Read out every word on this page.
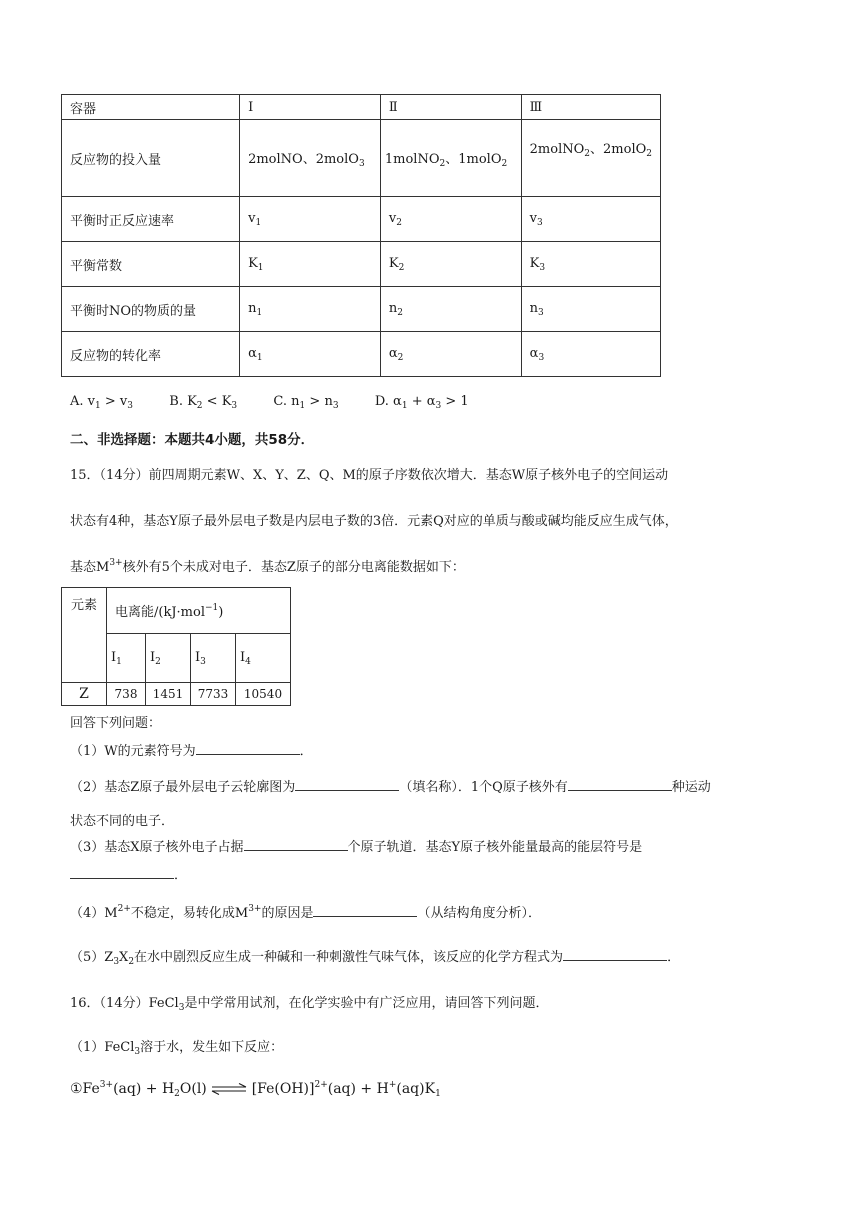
容器	Ⅰ	Ⅱ	Ⅲ
反应物的投入量	2molNO、2molO$_3$	1molNO$_2$、1molO$_2$	2molNO$_2$、2molO$_2$
平衡时正反应速率	$v_1$	$v_2$	$v_3$
平衡常数	$K_1$	$K_2$	$K_3$
平衡时NO的物质的量	$n_1$	$n_2$	$n_3$
反应物的转化率	$\alpha_1$	$\alpha_2$	$\alpha_3$
A. $v_1 > v_3$	B. $K_2 < K_3$	C. $n_1 > n_3$	D. $\alpha_1 + \alpha_3 > 1$
二、非选择题：本题共4小题，共58分．
15．（14分）前四周期元素W、X、Y、Z、Q、M的原子序数依次增大．基态W原子核外电子的空间运动
状态有4种，基态Y原子最外层电子数是内层电子数的3倍．元素Q对应的单质与酸或碱均能反应生成气体，
基态$M^{3+}$核外有5个未成对电子．基态Z原子的部分电离能数据如下：
元素	电离能/(kJ·mol$^{-1}$)			
	$I_1$	$I_2$	$I_3$	$I_4$
Z	738	1451	7733	10540
回答下列问题：
（1）W的元素符号为	．
（2）基态Z原子最外层电子云轮廓图为	（填名称）．1个Q原子核外有	种运动
状态不同的电子．
（3）基态X原子核外电子占据	个原子轨道．基态Y原子核外能量最高的能层符号是
．
$(4)M^{2+}$不稳定，易转化成$M^{3+}$的原因是	（从结构角度分析）．
$(5)Z_3X_2$在水中剧烈反应生成一种碱和一种刺激性气味气体，该反应的化学方程式为	．
16．（14分）FeCl$_3$是中学常用试剂，在化学实验中有广泛应用，请回答下列问题．
（1）FeCl$_3$溶于水，发生如下反应：
$①Fe^{3+}(aq) + H_2O(l)$ ⇌ $[Fe(OH)]^{2+}(aq) + H^+(aq)K_1$
